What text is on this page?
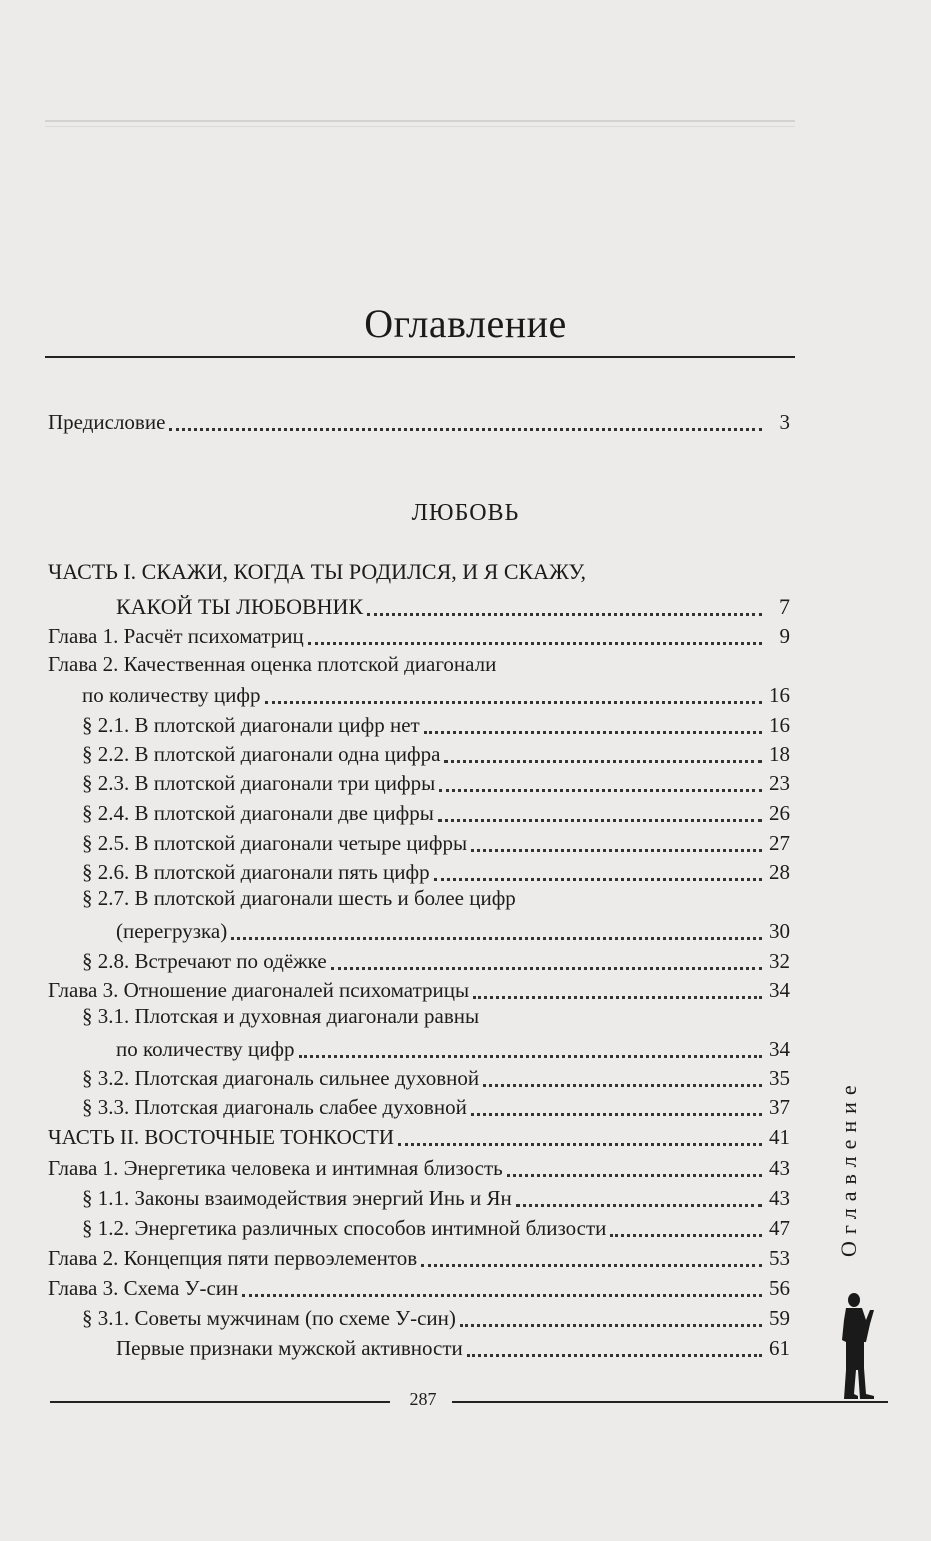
Оглавление
Предисловие	3
ЛЮБОВЬ
ЧАСТЬ I. СКАЖИ, КОГДА ТЫ РОДИЛСЯ, И Я СКАЖУ,
КАКОЙ ТЫ ЛЮБОВНИК	7
Глава 1. Расчёт психоматриц	9
Глава 2. Качественная оценка плотской диагонали
по количеству цифр	16
§ 2.1. В плотской диагонали цифр нет	16
§ 2.2. В плотской диагонали одна цифра	18
§ 2.3. В плотской диагонали три цифры	23
§ 2.4. В плотской диагонали две цифры	26
§ 2.5. В плотской диагонали четыре цифры	27
§ 2.6. В плотской диагонали пять цифр	28
§ 2.7. В плотской диагонали шесть и более цифр
(перегрузка)	30
§ 2.8. Встречают по одёжке	32
Глава 3. Отношение диагоналей психоматрицы	34
§ 3.1. Плотская и духовная диагонали равны
по количеству цифр	34
§ 3.2. Плотская диагональ сильнее духовной	35
§ 3.3. Плотская диагональ слабее духовной	37
ЧАСТЬ II. ВОСТОЧНЫЕ ТОНКОСТИ	41
Глава 1. Энергетика человека и интимная близость	43
§ 1.1. Законы взаимодействия энергий Инь и Ян	43
§ 1.2. Энергетика различных способов интимной близости	47
Глава 2. Концепция пяти первоэлементов	53
Глава 3. Схема У-син	56
§ 3.1. Советы мужчинам (по схеме У-син)	59
Первые признаки мужской активности	61
Оглавление
287
